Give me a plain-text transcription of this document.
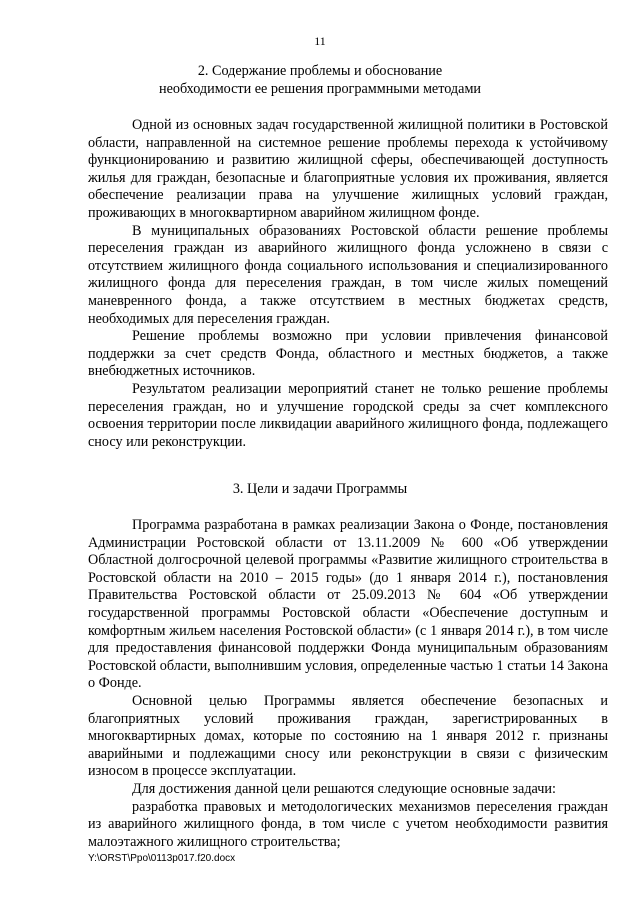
11
2. Содержание проблемы и обоснование
необходимости ее решения программными методами

Одной из основных задач государственной жилищной политики в Ростовской области, направленной на системное решение проблемы перехода к устойчивому функционированию и развитию жилищной сферы, обеспечивающей доступность жилья для граждан, безопасные и благоприятные условия их проживания, является обеспечение реализации права на улучшение жилищных условий граждан, проживающих в многоквартирном аварийном жилищном фонде.

В муниципальных образованиях Ростовской области решение проблемы переселения граждан из аварийного жилищного фонда усложнено в связи с отсутствием жилищного фонда социального использования и специализированного жилищного фонда для переселения граждан, в том числе жилых помещений маневренного фонда, а также отсутствием в местных бюджетах средств, необходимых для переселения граждан.

Решение проблемы возможно при условии привлечения финансовой поддержки за счет средств Фонда, областного и местных бюджетов, а также внебюджетных источников.

Результатом реализации мероприятий станет не только решение проблемы переселения граждан, но и улучшение городской среды за счет комплексного освоения территории после ликвидации аварийного жилищного фонда, подлежащего сносу или реконструкции.

3. Цели и задачи Программы

Программа разработана в рамках реализации Закона о Фонде, постановления Администрации Ростовской области от 13.11.2009 № 600 «Об утверждении Областной долгосрочной целевой программы «Развитие жилищного строительства в Ростовской области на 2010 – 2015 годы» (до 1 января 2014 г.), постановления Правительства Ростовской области от 25.09.2013 № 604 «Об утверждении государственной программы Ростовской области «Обеспечение доступным и комфортным жильем населения Ростовской области» (с 1 января 2014 г.), в том числе для предоставления финансовой поддержки Фонда муниципальным образованиям Ростовской области, выполнившим условия, определенные частью 1 статьи 14 Закона о Фонде.

Основной целью Программы является обеспечение безопасных и благоприятных условий проживания граждан, зарегистрированных в многоквартирных домах, которые по состоянию на 1 января 2012 г. признаны аварийными и подлежащими сносу или реконструкции в связи с физическим износом в процессе эксплуатации.

Для достижения данной цели решаются следующие основные задачи:

разработка правовых и методологических механизмов переселения граждан из аварийного жилищного фонда, в том числе с учетом необходимости развития малоэтажного жилищного строительства;

Y:\ORST\Ppo\0113p017.f20.docx
